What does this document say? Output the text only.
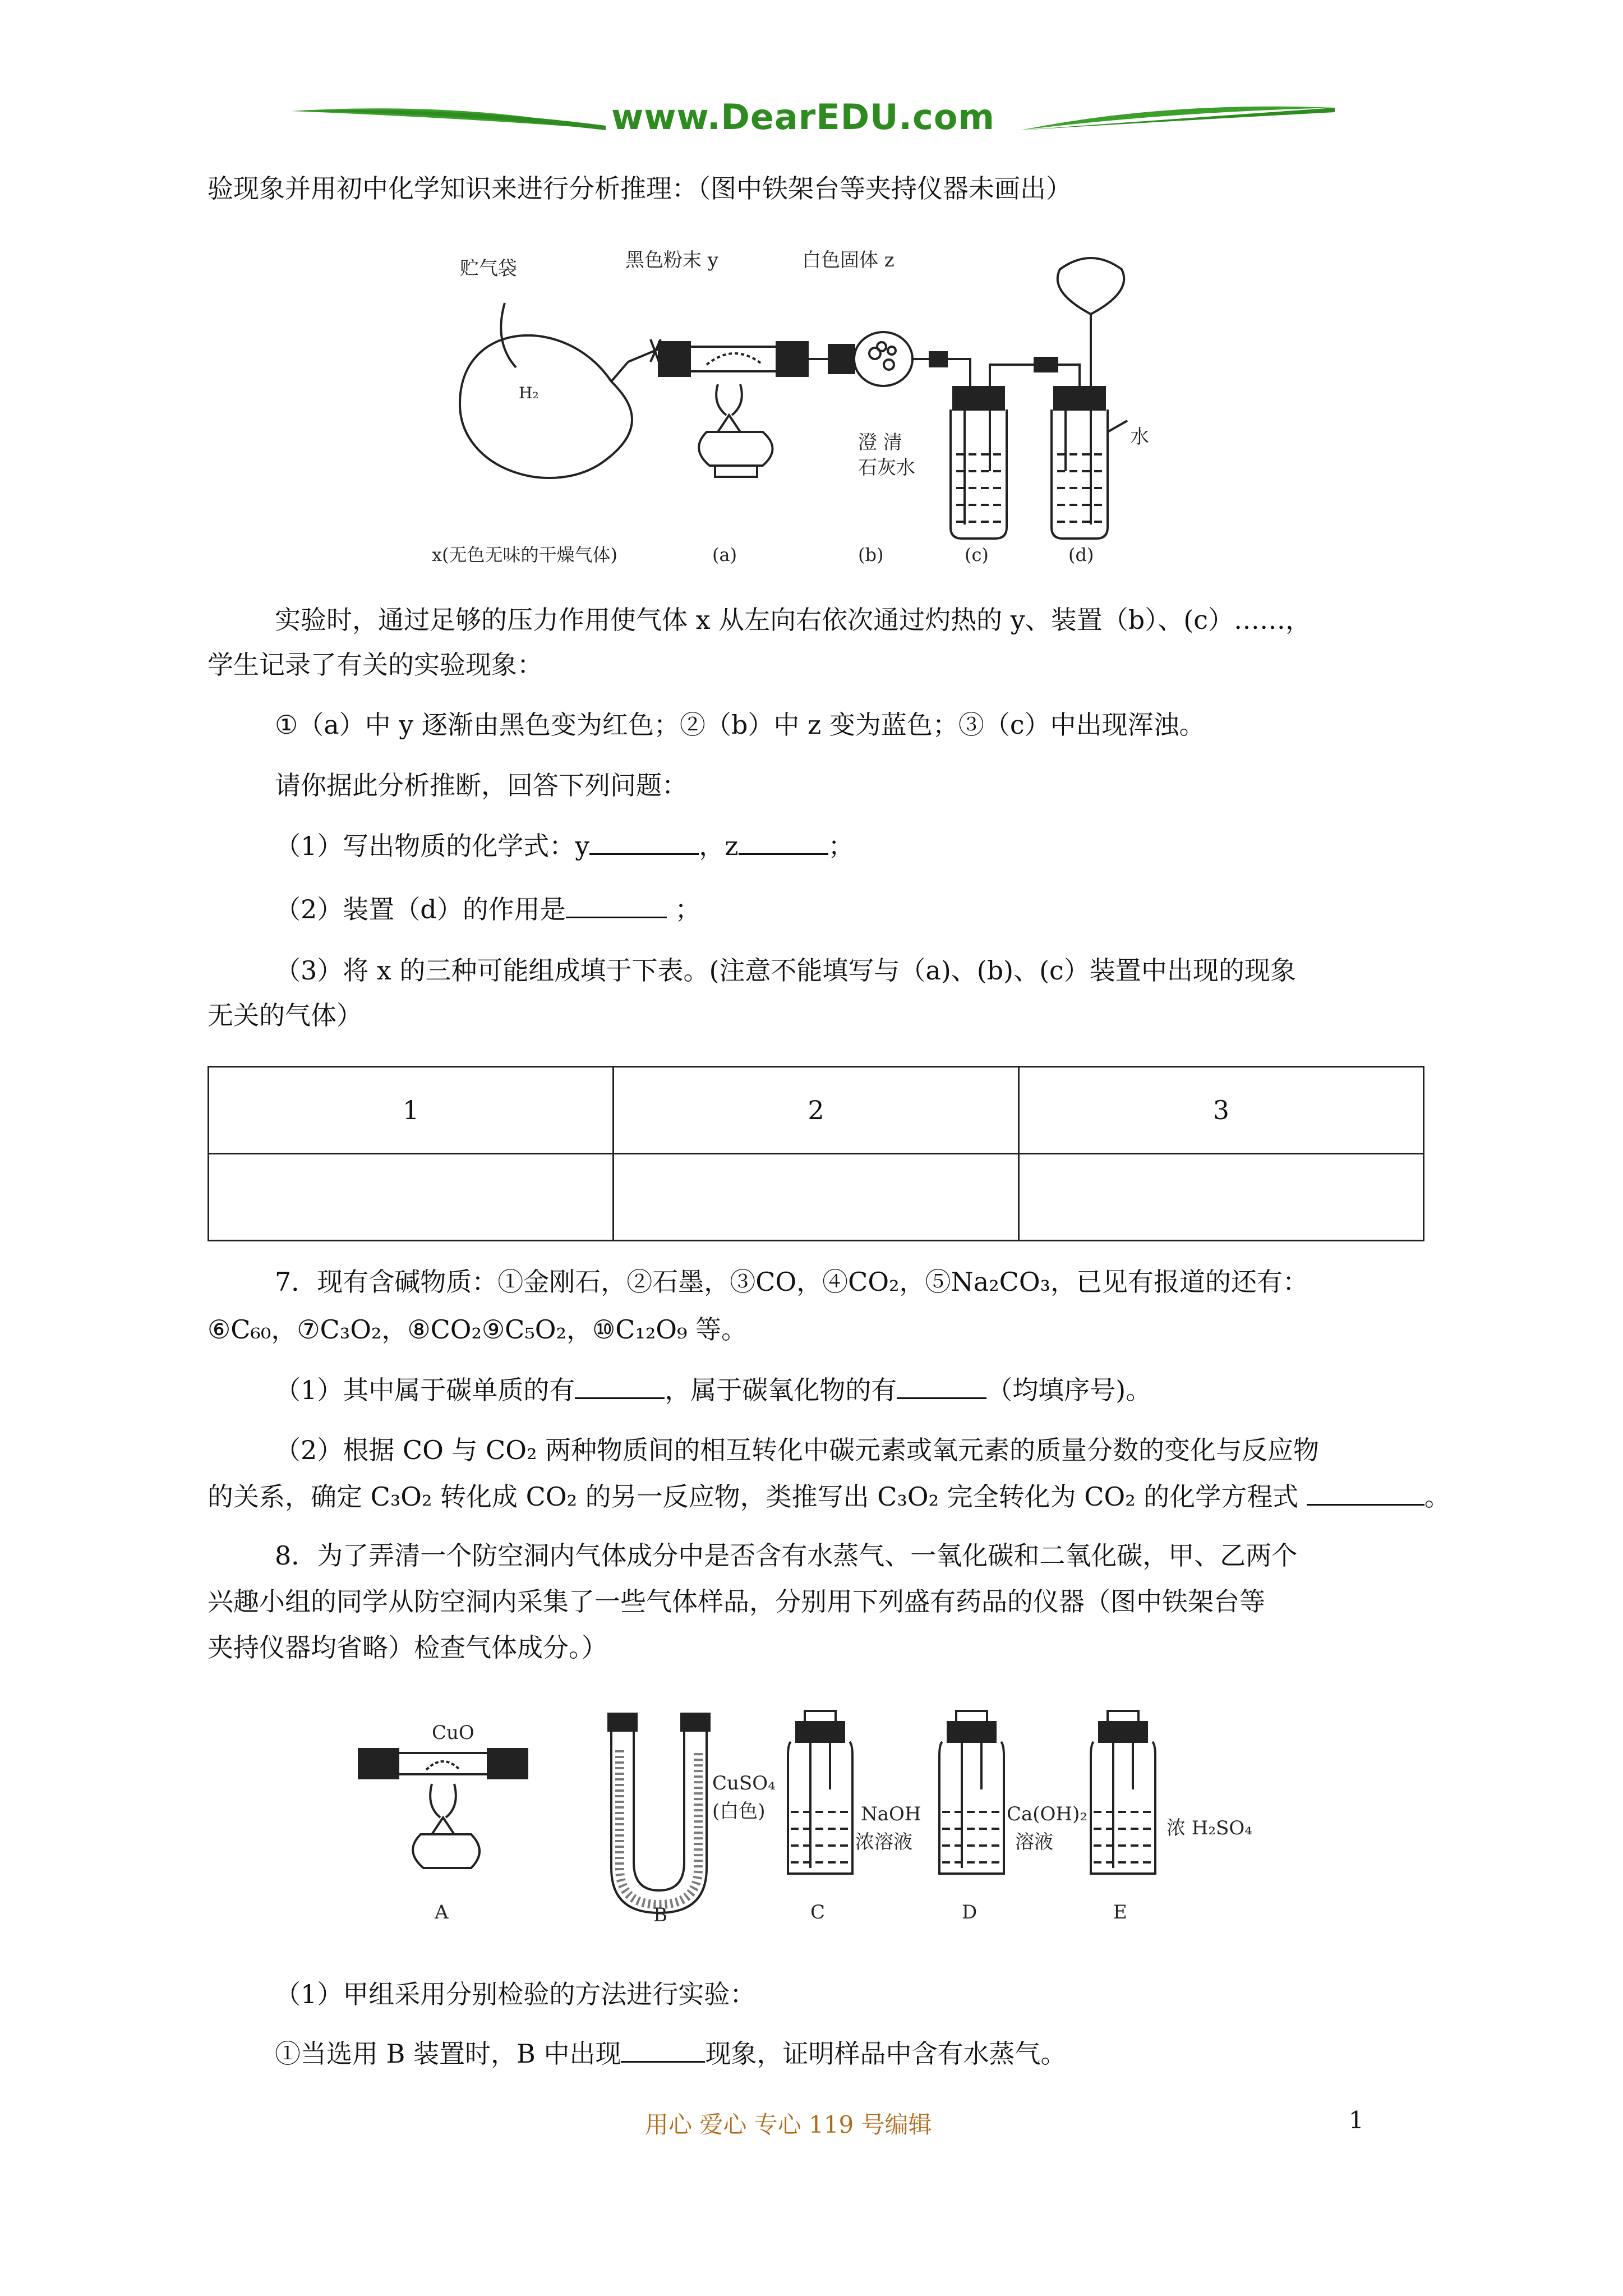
www.DearEDU.com
验现象并用初中化学知识来进行分析推理：（图中铁架台等夹持仪器未画出）
贮气袋
H₂
黑色粉末 y	白色固体 z
x(无色无味的干燥气体)	(a)	(b)	(c)	(d)
澄 清
石灰水
水
实验时，通过足够的压力作用使气体 x 从左向右依次通过灼热的 y、装置（b）、(c）……，
学生记录了有关的实验现象：
①（a）中 y 逐渐由黑色变为红色；②（b）中 z 变为蓝色；③（c）中出现浑浊。
请你据此分析推断，回答下列问题：
（1）写出物质的化学式：y	，z	；
（2）装置（d）的作用是	；
（3）将 x 的三种可能组成填于下表。(注意不能填写与（a)、(b)、(c）装置中出现的现象
无关的气体）
1	2	3

7．现有含碱物质：①金刚石，②石墨，③CO，④CO₂，⑤Na₂CO₃，已见有报道的还有：
⑥C₆₀，⑦C₃O₂，⑧CO₂⑨C₅O₂，⑩C₁₂O₉ 等。
（1）其中属于碳单质的有	，属于碳氧化物的有	（均填序号)。
（2）根据 CO 与 CO₂ 两种物质间的相互转化中碳元素或氧元素的质量分数的变化与反应物
的关系，确定 C₃O₂ 转化成 CO₂ 的另一反应物，类推写出 C₃O₂ 完全转化为 CO₂ 的化学方程式	。
8．为了弄清一个防空洞内气体成分中是否含有水蒸气、一氧化碳和二氧化碳，甲、乙两个
兴趣小组的同学从防空洞内采集了一些气体样品，分别用下列盛有药品的仪器（图中铁架台等
夹持仪器均省略）检查气体成分。）
CuO
CuSO₄
(白色)	NaOH
浓溶液
Ca(OH)₂
溶液
浓 H₂SO₄
A	B	C	D	E
（1）甲组采用分别检验的方法进行实验：
①当选用 B 装置时，B 中出现	现象，证明样品中含有水蒸气。
用心 爱心 专心 119 号编辑	1
